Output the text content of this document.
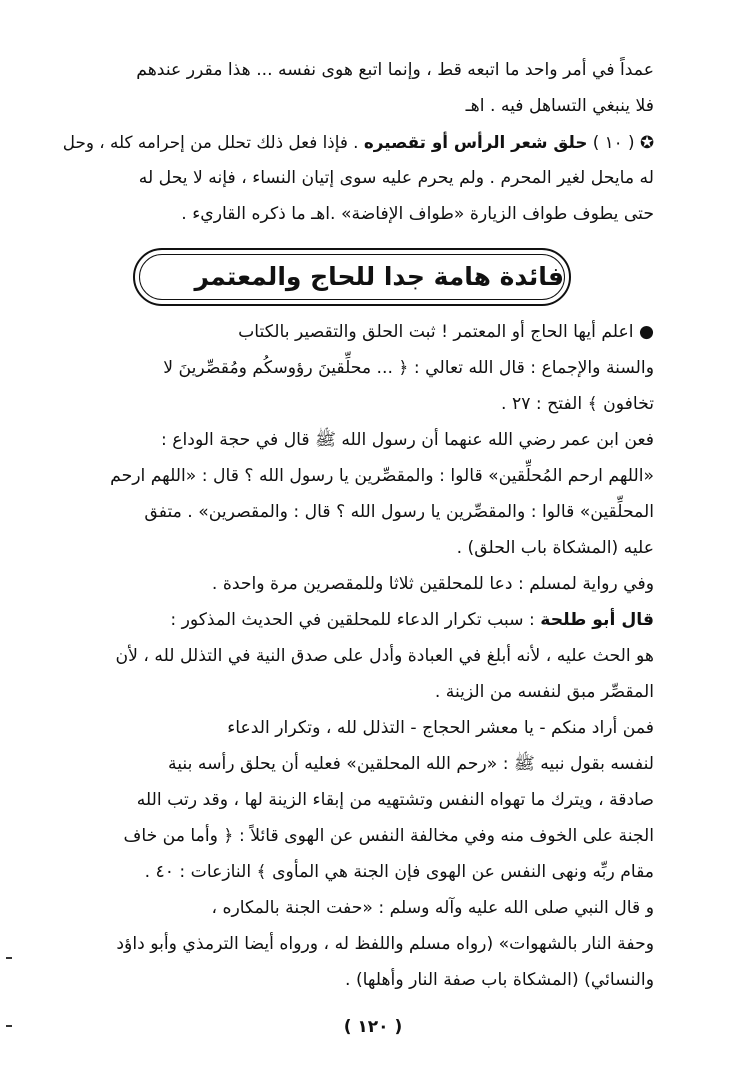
عمداً في أمر واحد ما اتبعه قط ، وإنما اتبع هوى نفسه ... هذا مقرر عندهم
فلا ينبغي التساهل فيه . اهـ

✪ ( ١٠ ) حلق شعر الرأس أو تقصيره . فإذا فعل ذلك تحلل من إحرامه كله ، وحل
له مايحل لغير المحرم . ولم يحرم عليه سوى إتيان النساء ، فإنه لا يحل له
حتى يطوف طواف الزيارة «طواف الإفاضة» .اهـ ما ذكره القاريء .

فائدة هامة جدا للحاج والمعتمر

● اعلم أيها الحاج أو المعتمر ! ثبت الحلق والتقصير بالكتاب
والسنة والإجماع : قال الله تعالي : ﴿ ... محلِّقينَ رؤوسكُم ومُقصِّرينَ لا
تخافون ﴾ الفتح : ٢٧ .

فعن ابن عمر رضي الله عنهما أن رسول الله ﷺ قال في حجة الوداع :
«اللهم ارحم المُحلِّقين» قالوا : والمقصِّرين يا رسول الله ؟ قال : «اللهم ارحم
المحلِّقين» قالوا : والمقصِّرين يا رسول الله ؟ قال : والمقصرين» . متفق
عليه (المشكاة باب الحلق) .

وفي رواية لمسلم : دعا للمحلقين ثلاثا وللمقصرين مرة واحدة .

قال أبو طلحة : سبب تكرار الدعاء للمحلقين في الحديث المذكور :
هو الحث عليه ، لأنه أبلغ في العبادة وأدل على صدق النية في التذلل لله ، لأن
المقصِّر مبق لنفسه من الزينة .

فمن أراد منكم - يا معشر الحجاج - التذلل لله ، وتكرار الدعاء
لنفسه بقول نبيه ﷺ : «رحم الله المحلقين» فعليه أن يحلق رأسه بنية
صادقة ، ويترك ما تهواه النفس وتشتهيه من إبقاء الزينة لها ، وقد رتب الله
الجنة على الخوف منه وفي مخالفة النفس عن الهوى قائلاً : ﴿ وأما من خاف
مقام ربِّه ونهى النفس عن الهوى فإن الجنة هي المأوى ﴾ النازعات : ٤٠ .

و قال النبي صلى الله عليه وآله وسلم : «حفت الجنة بالمكاره ،
وحفة النار بالشهوات» (رواه مسلم واللفظ له ، ورواه أيضا الترمذي وأبو داؤد
والنسائي) (المشكاة باب صفة النار وأهلها) .

( ١٢٠ )
